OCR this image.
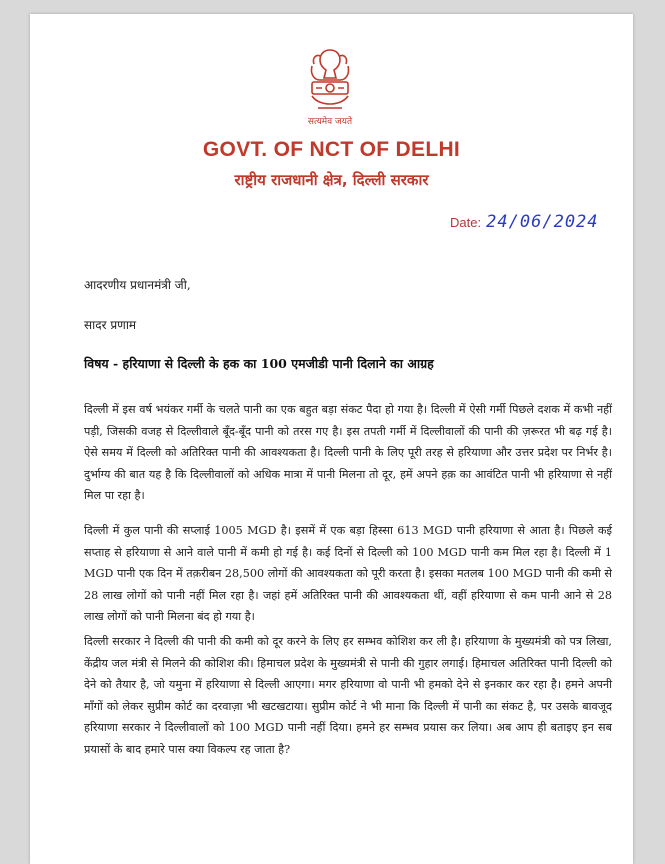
सत्यमेव जयते
GOVT. OF NCT OF DELHI
राष्ट्रीय राजधानी क्षेत्र, दिल्ली सरकार
Date: 24/06/2024
आदरणीय प्रधानमंत्री जी,
सादर प्रणाम
विषय - हरियाणा से दिल्ली के हक का 100 एमजीडी पानी दिलाने का आग्रह
दिल्ली में इस वर्ष भयंकर गर्मी के चलते पानी का एक बहुत बड़ा संकट पैदा हो गया है। दिल्ली में ऐसी गर्मी पिछले दशक में कभी नहीं पड़ी, जिसकी वजह से दिल्लीवाले बूँद-बूँद पानी को तरस गए है। इस तपती गर्मी में दिल्लीवालों की पानी की ज़रूरत भी बढ़ गई है। ऐसे समय में दिल्ली को अतिरिक्त पानी की आवश्यकता है। दिल्ली पानी के लिए पूरी तरह से हरियाणा और उत्तर प्रदेश पर निर्भर है। दुर्भाग्य की बात यह है कि दिल्लीवालों को अधिक मात्रा में पानी मिलना तो दूर, हमें अपने हक़ का आवंटित पानी भी हरियाणा से नहीं मिल पा रहा है।
दिल्ली में कुल पानी की सप्लाई 1005 MGD है। इसमें में एक बड़ा हिस्सा 613 MGD पानी हरियाणा से आता है। पिछले कई सप्ताह से हरियाणा से आने वाले पानी में कमी हो गई है। कई दिनों से दिल्ली को 100 MGD पानी कम मिल रहा है। दिल्ली में 1 MGD पानी एक दिन में तक़रीबन 28,500 लोगों की आवश्यकता को पूरी करता है। इसका मतलब 100 MGD पानी की कमी से 28 लाख लोगों को पानी नहीं मिल रहा है। जहां हमें अतिरिक्त पानी की आवश्यकता थीं, वहीं हरियाणा से कम पानी आने से 28 लाख लोगों को पानी मिलना बंद हो गया है।
दिल्ली सरकार ने दिल्ली की पानी की कमी को दूर करने के लिए हर सम्भव कोशिश कर ली है। हरियाणा के मुख्यमंत्री को पत्र लिखा, केंद्रीय जल मंत्री से मिलने की कोशिश की। हिमाचल प्रदेश के मुख्यमंत्री से पानी की गुहार लगाई। हिमाचल अतिरिक्त पानी दिल्ली को देने को तैयार है, जो यमुना में हरियाणा से दिल्ली आएगा। मगर हरियाणा वो पानी भी हमको देने से इनकार कर रहा है। हमने अपनी माँगों को लेकर सुप्रीम कोर्ट का दरवाज़ा भी खटखटाया। सुप्रीम कोर्ट ने भी माना कि दिल्ली में पानी का संकट है, पर उसके बावजूद हरियाणा सरकार ने दिल्लीवालों को 100 MGD पानी नहीं दिया। हमने हर सम्भव प्रयास कर लिया। अब आप ही बताइए इन सब प्रयासों के बाद हमारे पास क्या विकल्प रह जाता है?
